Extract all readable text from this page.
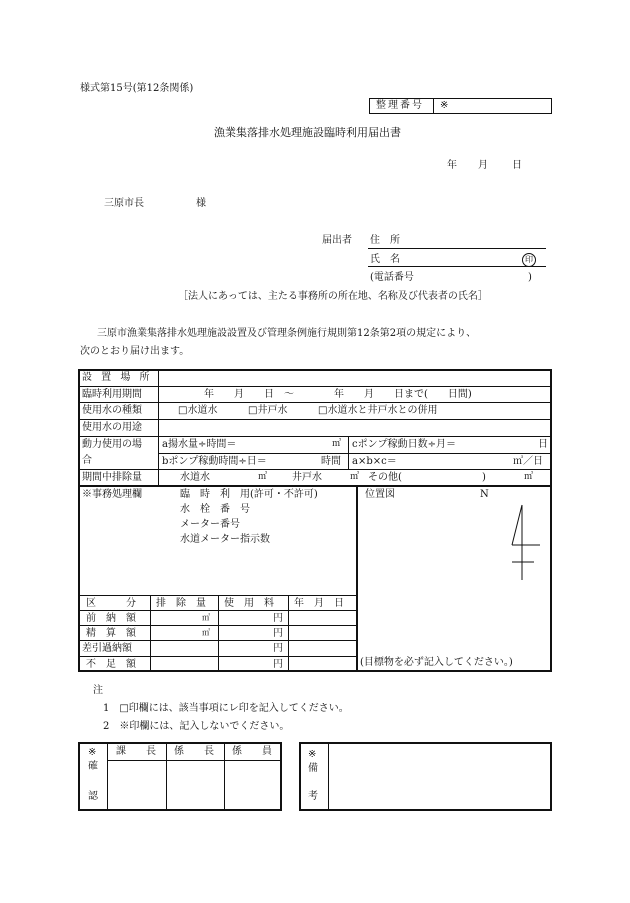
様式第15号(第12条関係)
整理番号 ※
漁業集落排水処理施設臨時利用届出書
年 月 日
三原市長	様
届出者 住　所
氏　名	印
(電話番号	)
［法人にあっては、主たる事務所の所在地、名称及び代表者の氏名］
三原市漁業集落排水処理施設設置及び管理条例施行規則第12条第2項の規定により、
次のとおり届け出ます。
設 置 場 所
臨時利用期間	年　　月　　日　～　　　　年　　月　　日まで(　　日間)
使用水の種類	□水道水	□井戸水	□水道水と井戸水との併用
使用水の用途
動力使用の場
合
a揚水量÷時間＝	㎥ cポンプ稼動日数÷月＝	日
bポンプ稼動時間÷日＝	時間 a×b×c＝	㎥／日
期間中排除量	水道水	㎥ 井戸水	㎥ その他(	)	㎥
※事務処理欄	臨　時　利　用(許可・不許可)
水　栓　番　号
メーター番号
水道メーター指示数
位置図	N
(目標物を必ず記入してください。)
区　　　分 排　除　量 使　用　料 年　月　日
前　納　額	㎥	円
精　算　額	㎥	円
差引過納額	円
不　足　額	円
注
1　□印欄には、該当事項にレ印を記入してください。
2　※印欄には、記入しないでください。
※
確
認
課　　長 係　　長 係　　員	※
備
考
